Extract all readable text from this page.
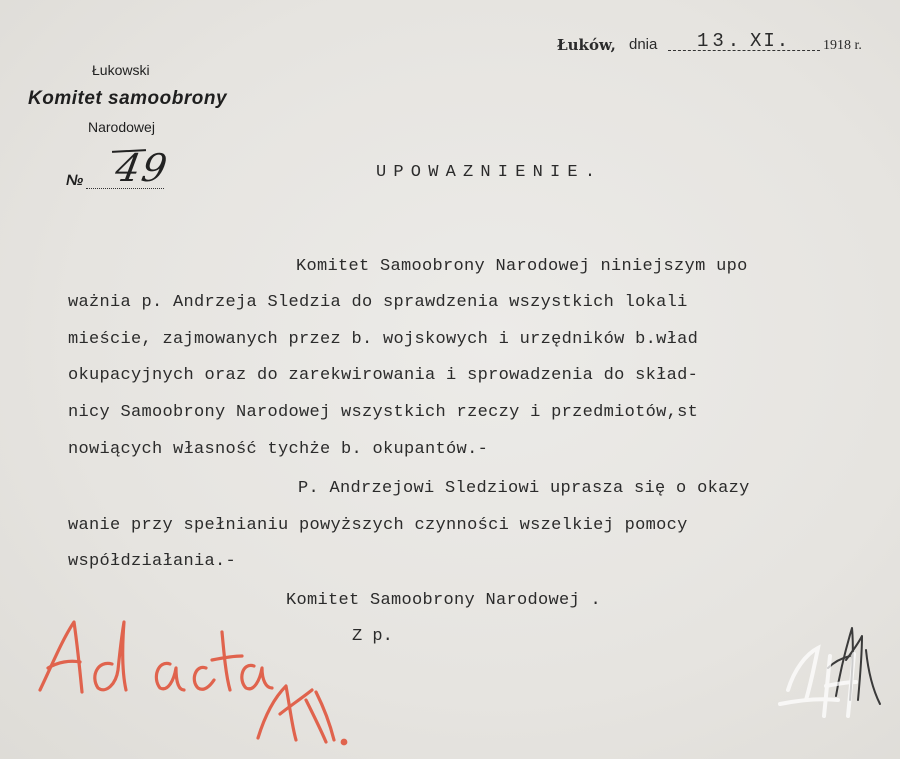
Łukowski
Komitet samoobrony
Narodowej
№ 49
Łuków, dnia 13. XI. 1918 r.
UPOWAZNIENIE.
Komitet Samoobrony Narodowej niniejszym upo
ważnia p. Andrzeja Sledzia do sprawdzenia wszystkich lokali
mieście, zajmowanych przez b. wojskowych i urzędników b.wład
okupacyjnych oraz do zarekwirowania i sprowadzenia do skład-
nicy Samoobrony Narodowej wszystkich rzeczy i przedmiotów,st
nowiących własność tychże b. okupantów.-
P. Andrzejowi Sledziowi uprasza się o okazy
wanie przy spełnianiu powyższych czynności wszelkiej pomocy
współdziałania.-
Komitet Samoobrony Narodowej .
Z p.
